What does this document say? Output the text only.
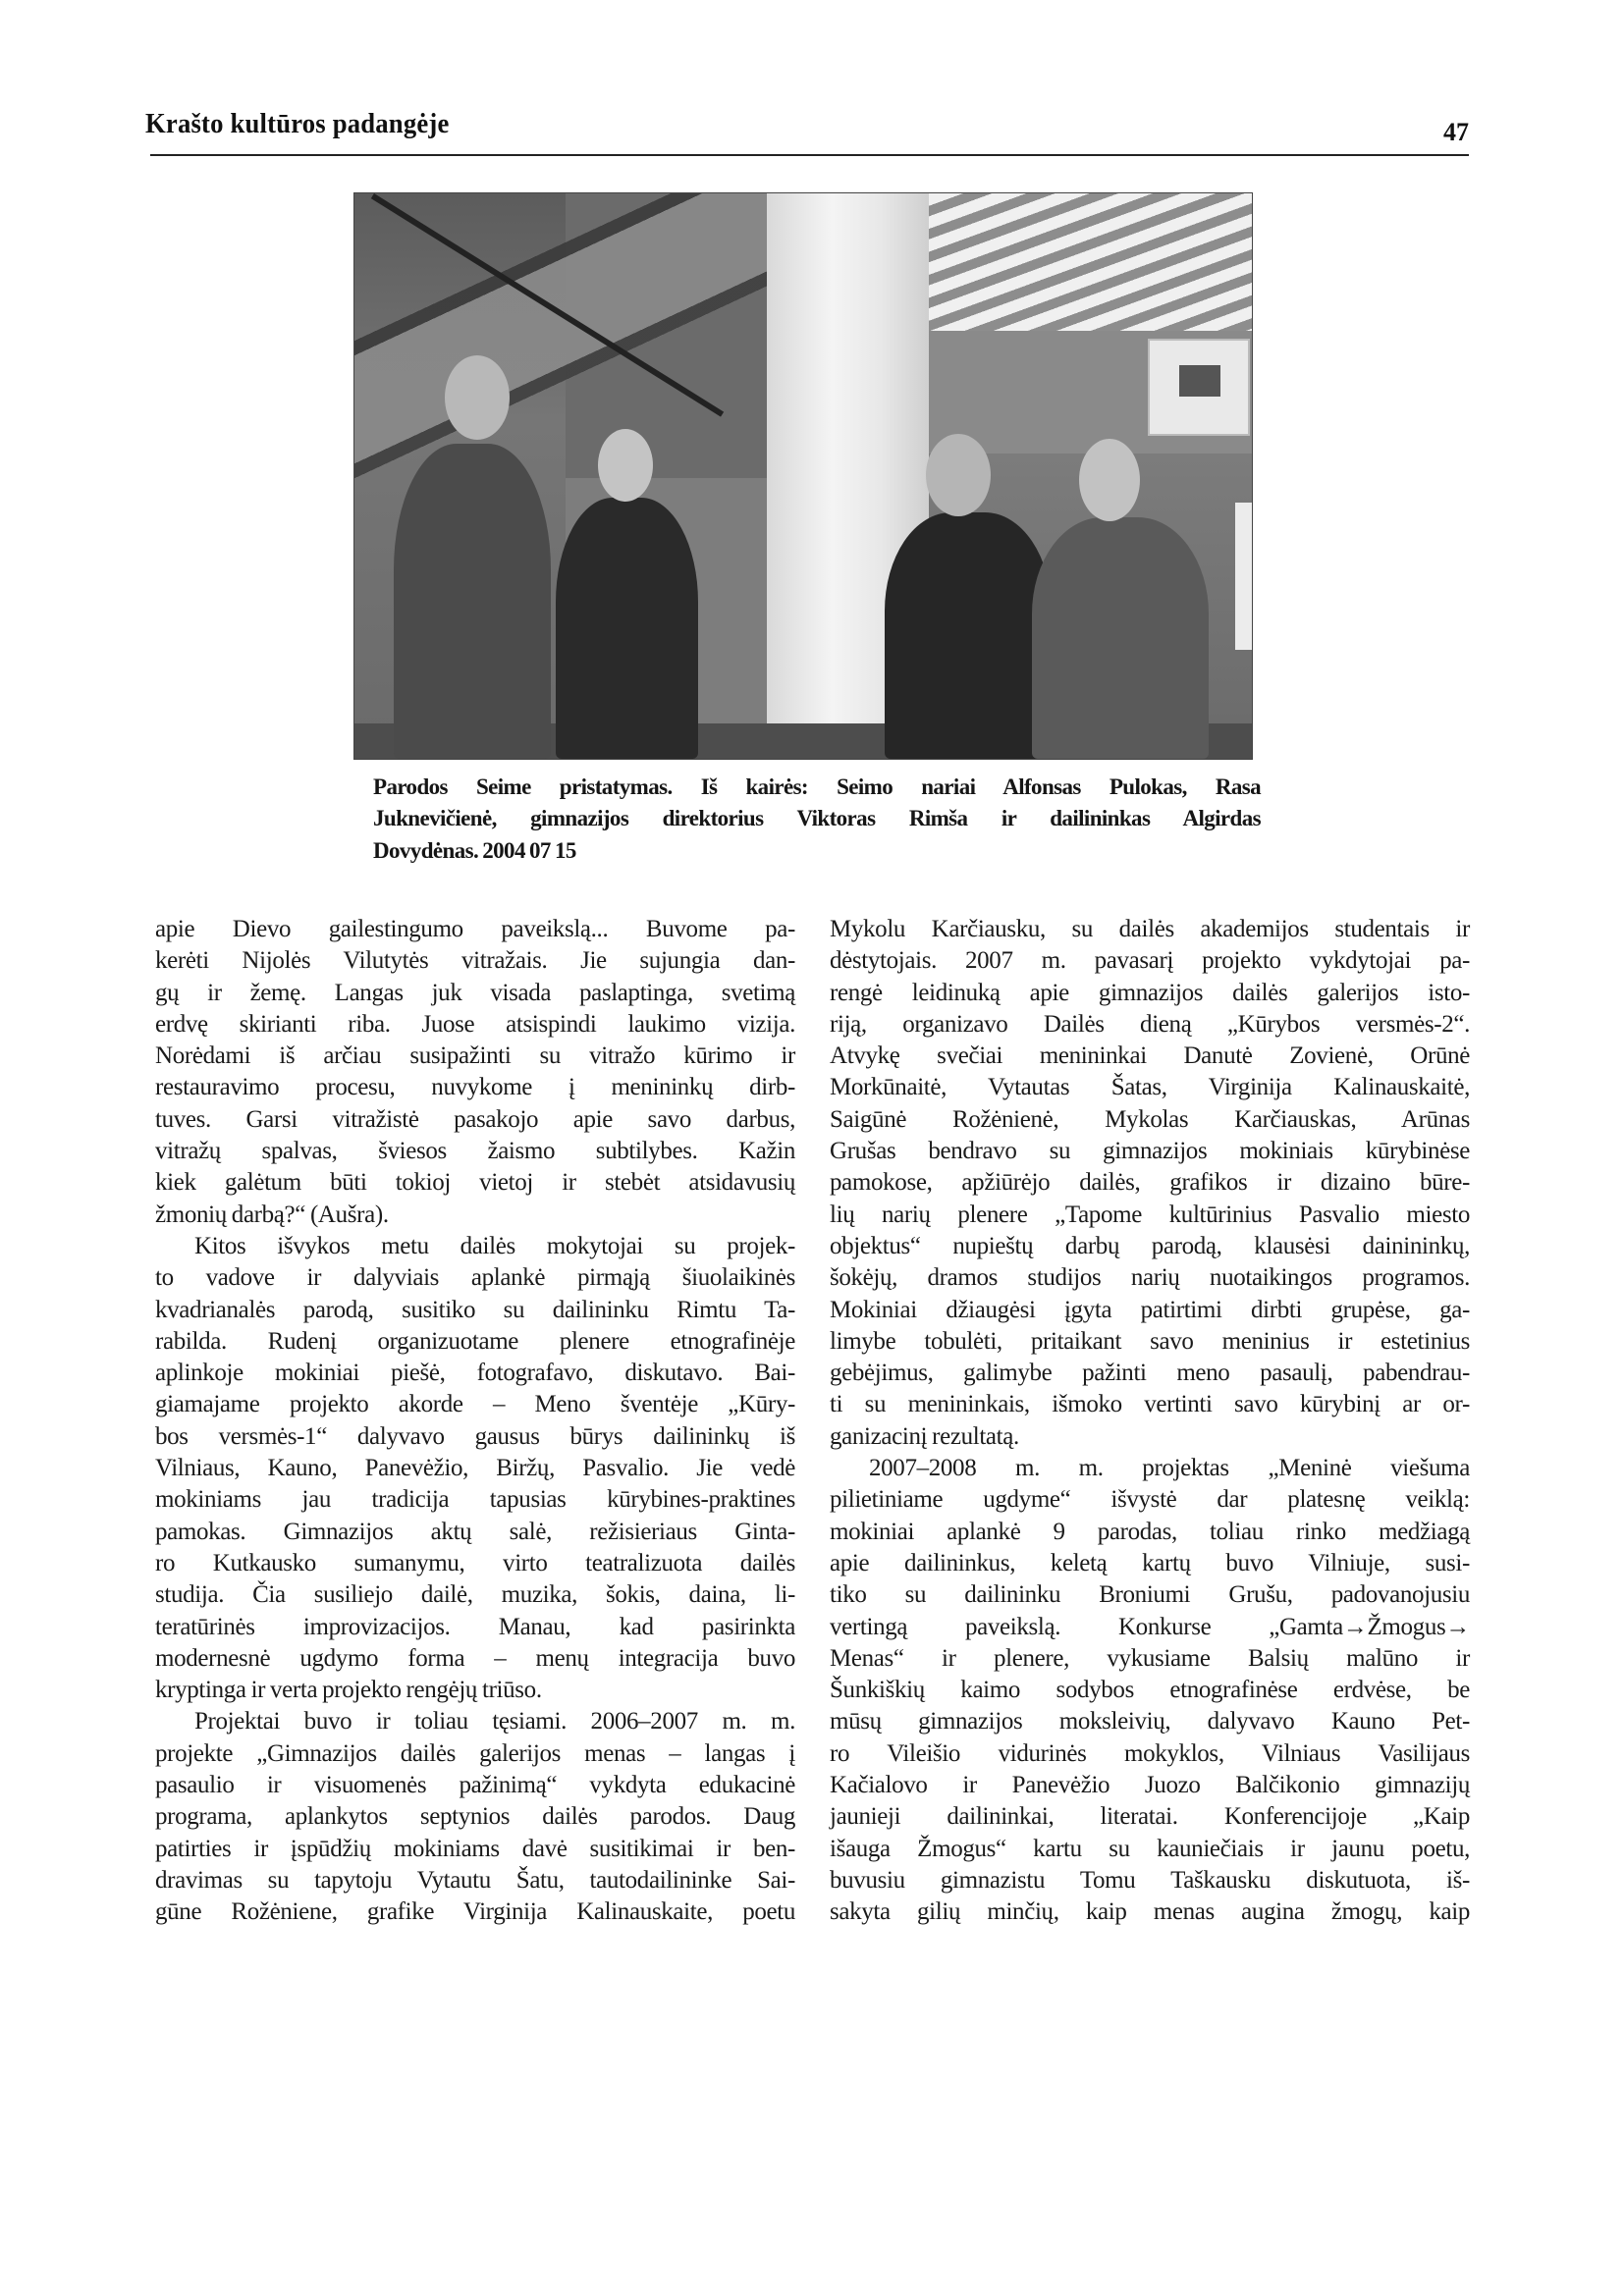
Krašto kultūros padangėje	47
Parodos Seime pristatymas. Iš kairės: Seimo nariai Alfonsas Pulokas, Rasa
Juknevičienė, gimnazijos direktorius Viktoras Rimša ir dailininkas Algirdas
Dovydėnas. 2004 07 15
apie Dievo gailestingumo paveikslą... Buvome pa-
kerėti Nijolės Vilutytės vitražais. Jie sujungia dan-
gų ir žemę. Langas juk visada paslaptinga, svetimą
erdvę skirianti riba. Juose atsispindi laukimo vizija.
Norėdami iš arčiau susipažinti su vitražo kūrimo ir
restauravimo procesu, nuvykome į menininkų dirb-
tuves. Garsi vitražistė pasakojo apie savo darbus,
vitražų spalvas, šviesos žaismo subtilybes. Kažin
kiek galėtum būti tokioj vietoj ir stebėt atsidavusių
žmonių darbą?“ (Aušra).
Kitos išvykos metu dailės mokytojai su projek-
to vadove ir dalyviais aplankė pirmąją šiuolaikinės
kvadrianalės parodą, susitiko su dailininku Rimtu Ta-
rabilda. Rudenį organizuotame plenere etnografinėje
aplinkoje mokiniai piešė, fotografavo, diskutavo. Bai-
giamajame projekto akorde – Meno šventėje „Kūry-
bos versmės-1“ dalyvavo gausus būrys dailininkų iš
Vilniaus, Kauno, Panevėžio, Biržų, Pasvalio. Jie vedė
mokiniams jau tradicija tapusias kūrybines-praktines
pamokas. Gimnazijos aktų salė, režisieriaus Ginta-
ro Kutkausko sumanymu, virto teatralizuota dailės
studija. Čia susiliejo dailė, muzika, šokis, daina, li-
teratūrinės improvizacijos. Manau, kad pasirinkta
modernesnė ugdymo forma – menų integracija buvo
kryptinga ir verta projekto rengėjų triūso.
Projektai buvo ir toliau tęsiami. 2006–2007 m. m.
projekte „Gimnazijos dailės galerijos menas – langas į
pasaulio ir visuomenės pažinimą“ vykdyta edukacinė
programa, aplankytos septynios dailės parodos. Daug
patirties ir įspūdžių mokiniams davė susitikimai ir ben-
dravimas su tapytoju Vytautu Šatu, tautodailininke Sai-
gūne Rožėniene, grafike Virginija Kalinauskaite, poetu
Mykolu Karčiausku, su dailės akademijos studentais ir
dėstytojais. 2007 m. pavasarį projekto vykdytojai pa-
rengė leidinuką apie gimnazijos dailės galerijos isto-
riją, organizavo Dailės dieną „Kūrybos versmės-2“.
Atvykę svečiai menininkai Danutė Zovienė, Orūnė
Morkūnaitė, Vytautas Šatas, Virginija Kalinauskaitė,
Saigūnė Rožėnienė, Mykolas Karčiauskas, Arūnas
Grušas bendravo su gimnazijos mokiniais kūrybinėse
pamokose, apžiūrėjo dailės, grafikos ir dizaino būre-
lių narių plenere „Tapome kultūrinius Pasvalio miesto
objektus“ nupieštų darbų parodą, klausėsi dainininkų,
šokėjų, dramos studijos narių nuotaikingos programos.
Mokiniai džiaugėsi įgyta patirtimi dirbti grupėse, ga-
limybe tobulėti, pritaikant savo meninius ir estetinius
gebėjimus, galimybe pažinti meno pasaulį, pabendrau-
ti su menininkais, išmoko vertinti savo kūrybinį ar or-
ganizacinį rezultatą.
2007–2008 m. m. projektas „Meninė viešuma
pilietiniame ugdyme“ išvystė dar platesnę veiklą:
mokiniai aplankė 9 parodas, toliau rinko medžiagą
apie dailininkus, keletą kartų buvo Vilniuje, susi-
tiko su dailininku Broniumi Grušu, padovanojusiu
vertingą paveikslą. Konkurse „Gamta→Žmogus→
Menas“ ir plenere, vykusiame Balsių malūno ir
Šunkiškių kaimo sodybos etnografinėse erdvėse, be
mūsų gimnazijos moksleivių, dalyvavo Kauno Pet-
ro Vileišio vidurinės mokyklos, Vilniaus Vasilijaus
Kačialovo ir Panevėžio Juozo Balčikonio gimnazijų
jaunieji dailininkai, literatai. Konferencijoje „Kaip
išauga Žmogus“ kartu su kauniečiais ir jaunu poetu,
buvusiu gimnazistu Tomu Taškausku diskutuota, iš-
sakyta gilių minčių, kaip menas augina žmogų, kaip
